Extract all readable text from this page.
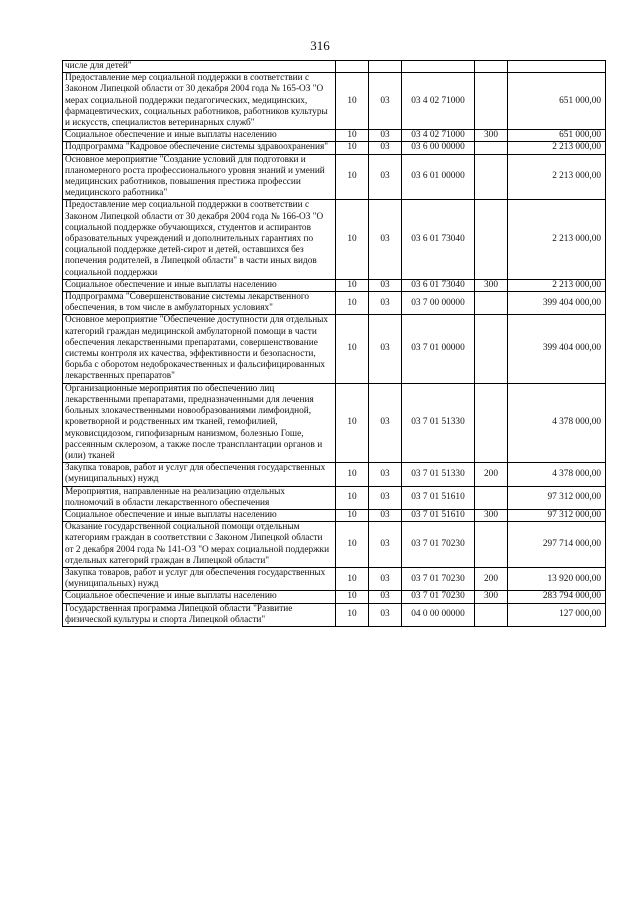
316
числе для детей"					
Предоставление мер социальной поддержки в соответствии с Законом Липецкой области от 30 декабря 2004 года № 165-ОЗ "О мерах социальной поддержки педагогических, медицинских, фармацевтических, социальных работников, работников культуры и искусств, специалистов ветеринарных служб"	10	03	03 4 02 71000		651 000,00
Социальное обеспечение и иные выплаты населению	10	03	03 4 02 71000	300	651 000,00
Подпрограмма "Кадровое обеспечение системы здравоохранения"	10	03	03 6 00 00000		2 213 000,00
Основное мероприятие "Создание условий для подготовки и планомерного роста профессионального уровня знаний и умений медицинских работников, повышения престижа профессии медицинского работника"	10	03	03 6 01 00000		2 213 000,00
Предоставление мер социальной поддержки в соответствии с Законом Липецкой области от 30 декабря 2004 года № 166-ОЗ "О социальной поддержке обучающихся, студентов и аспирантов образовательных учреждений и дополнительных гарантиях по социальной поддержке детей-сирот и детей, оставшихся без попечения родителей, в Липецкой области" в части иных видов социальной поддержки	10	03	03 6 01 73040		2 213 000,00
Социальное обеспечение и иные выплаты населению	10	03	03 6 01 73040	300	2 213 000,00
Подпрограмма "Совершенствование системы лекарственного обеспечения, в том числе в амбулаторных условиях"	10	03	03 7 00 00000		399 404 000,00
Основное мероприятие "Обеспечение доступности для отдельных категорий граждан медицинской амбулаторной помощи в части обеспечения лекарственными препаратами, совершенствование системы контроля их качества, эффективности и безопасности, борьба с оборотом недоброкачественных и фальсифицированных лекарственных препаратов"	10	03	03 7 01 00000		399 404 000,00
Организационные мероприятия по обеспечению лиц лекарственными препаратами, предназначенными для лечения больных злокачественными новообразованиями лимфоидной, кроветворной и родственных им тканей, гемофилией, муковисцидозом, гипофизарным нанизмом, болезнью Гоше, рассеянным склерозом, а также после трансплантации органов и (или) тканей	10	03	03 7 01 51330		4 378 000,00
Закупка товаров, работ и услуг для обеспечения государственных (муниципальных) нужд	10	03	03 7 01 51330	200	4 378 000,00
Мероприятия, направленные на реализацию отдельных полномочий в области лекарственного обеспечения	10	03	03 7 01 51610		97 312 000,00
Социальное обеспечение и иные выплаты населению	10	03	03 7 01 51610	300	97 312 000,00
Оказание государственной социальной помощи отдельным категориям граждан в соответствии с Законом Липецкой области от 2 декабря 2004 года № 141-ОЗ "О мерах социальной поддержки отдельных категорий граждан в Липецкой области"	10	03	03 7 01 70230		297 714 000,00
Закупка товаров, работ и услуг для обеспечения государственных (муниципальных) нужд	10	03	03 7 01 70230	200	13 920 000,00
Социальное обеспечение и иные выплаты населению	10	03	03 7 01 70230	300	283 794 000,00
Государственная программа Липецкой области "Развитие физической культуры и спорта Липецкой области"	10	03	04 0 00 00000		127 000,00
